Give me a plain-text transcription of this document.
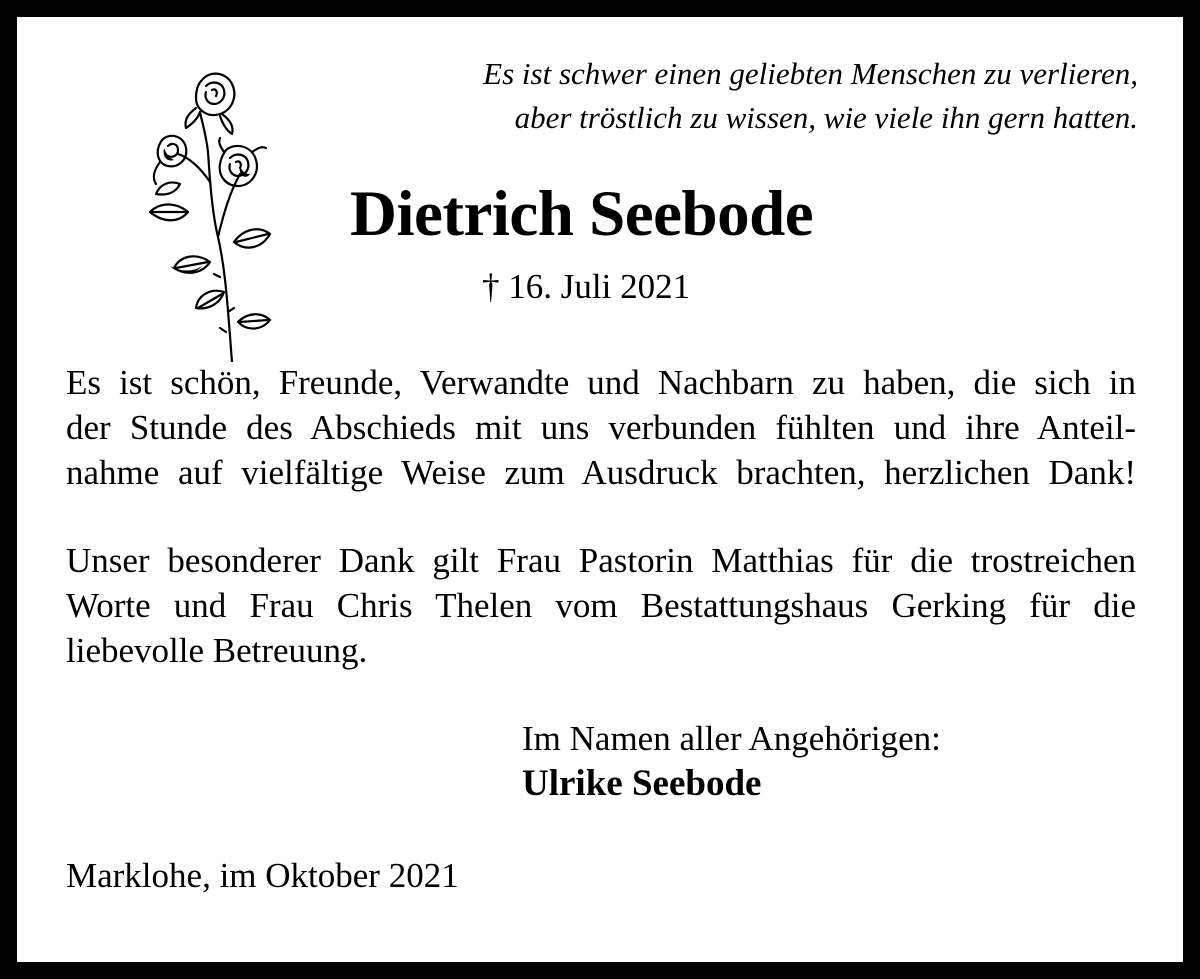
Es ist schwer einen geliebten Menschen zu verlieren,
aber tröstlich zu wissen, wie viele ihn gern hatten.
Dietrich Seebode
† 16. Juli 2021
Es ist schön, Freunde, Verwandte und Nachbarn zu haben, die sich in
der Stunde des Abschieds mit uns verbunden fühlten und ihre Anteil-
nahme auf vielfältige Weise zum Ausdruck brachten, herzlichen Dank!
Unser besonderer Dank gilt Frau Pastorin Matthias für die trostreichen
Worte und Frau Chris Thelen vom Bestattungshaus Gerking für die
liebevolle Betreuung.
Im Namen aller Angehörigen:
Ulrike Seebode
Marklohe, im Oktober 2021
